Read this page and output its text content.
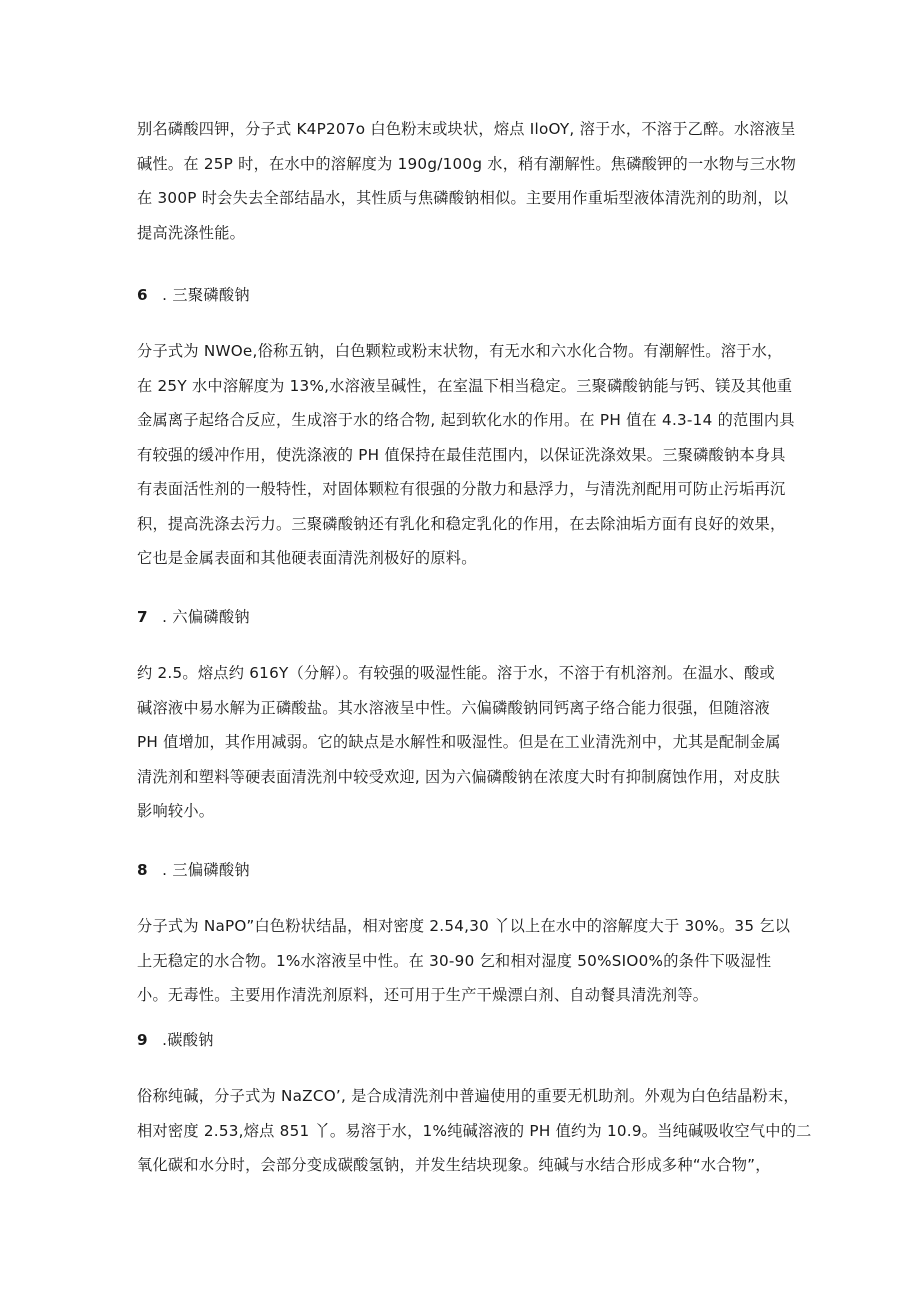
别名磷酸四钾，分子式 K4P207o 白色粉末或块状，熔点 IloOY, 溶于水，不溶于乙醉。水溶液呈
碱性。在 25P 时，在水中的溶解度为 190g∕100g 水，稍有潮解性。焦磷酸钾的一水物与三水物
在 300P 时会失去全部结晶水，其性质与焦磷酸钠相似。主要用作重垢型液体清洗剂的助剂，以
提高洗涤性能。
6 . 三聚磷酸钠
分子式为 NWOe,俗称五钠，白色颗粒或粉末状物，有无水和六水化合物。有潮解性。溶于水，
在 25Y 水中溶解度为 13%,水溶液呈碱性，在室温下相当稳定。三聚磷酸钠能与钙、镁及其他重
金属离子起络合反应，生成溶于水的络合物, 起到软化水的作用。在 PH 值在 4.3-14 的范围内具
有较强的缓冲作用，使洗涤液的 PH 值保持在最佳范围内，以保证洗涤效果。三聚磷酸钠本身具
有表面活性剂的一般特性，对固体颗粒有很强的分散力和悬浮力，与清洗剂配用可防止污垢再沉
积，提高洗涤去污力。三聚磷酸钠还有乳化和稳定乳化的作用，在去除油垢方面有良好的效果，
它也是金属表面和其他硬表面清洗剂极好的原料。
7 . 六偏磷酸钠
约 2.5。熔点约 616Y（分解）。有较强的吸湿性能。溶于水，不溶于有机溶剂。在温水、酸或
碱溶液中易水解为正磷酸盐。其水溶液呈中性。六偏磷酸钠同钙离子络合能力很强，但随溶液
PH 值增加，其作用减弱。它的缺点是水解性和吸湿性。但是在工业清洗剂中，尤其是配制金属
清洗剂和塑料等硬表面清洗剂中较受欢迎, 因为六偏磷酸钠在浓度大时有抑制腐蚀作用，对皮肤
影响较小。
8 . 三偏磷酸钠
分子式为 NaPO”白色粉状结晶，相对密度 2.54,30 丫以上在水中的溶解度大于 30%。35 乞以
上无稳定的水合物。1%水溶液呈中性。在 30-90 乞和相对湿度 50%SIO0%的条件下吸湿性
小。无毒性。主要用作清洗剂原料，还可用于生产干燥漂白剂、自动餐具清洗剂等。
9 .碳酸钠
俗称纯碱，分子式为 NaZCO’, 是合成清洗剂中普遍使用的重要无机助剂。外观为白色结晶粉末，
相对密度 2.53,熔点 851 丫。易溶于水，1%纯碱溶液的 PH 值约为 10.9。当纯碱吸收空气中的二
氧化碳和水分时，会部分变成碳酸氢钠，并发生结块现象。纯碱与水结合形成多种“水合物”，
